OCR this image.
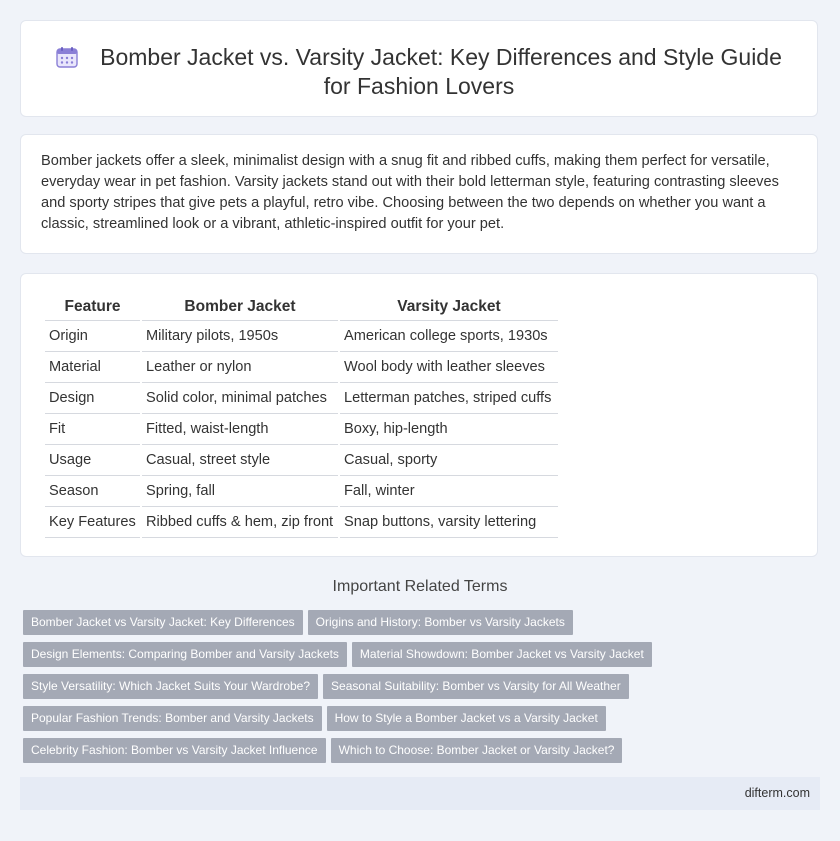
Bomber Jacket vs. Varsity Jacket: Key Differences and Style Guide for Fashion Lovers

Bomber jackets offer a sleek, minimalist design with a snug fit and ribbed cuffs, making them perfect for versatile, everyday wear in pet fashion. Varsity jackets stand out with their bold letterman style, featuring contrasting sleeves and sporty stripes that give pets a playful, retro vibe. Choosing between the two depends on whether you want a classic, streamlined look or a vibrant, athletic-inspired outfit for your pet.

Feature	Bomber Jacket	Varsity Jacket
Origin	Military pilots, 1950s	American college sports, 1930s
Material	Leather or nylon	Wool body with leather sleeves
Design	Solid color, minimal patches	Letterman patches, striped cuffs
Fit	Fitted, waist-length	Boxy, hip-length
Usage	Casual, street style	Casual, sporty
Season	Spring, fall	Fall, winter
Key Features	Ribbed cuffs & hem, zip front	Snap buttons, varsity lettering
Important Related Terms
Bomber Jacket vs Varsity Jacket: Key Differences Origins and History: Bomber vs Varsity Jackets
Design Elements: Comparing Bomber and Varsity Jackets Material Showdown: Bomber Jacket vs Varsity Jacket
Style Versatility: Which Jacket Suits Your Wardrobe? Seasonal Suitability: Bomber vs Varsity for All Weather
Popular Fashion Trends: Bomber and Varsity Jackets How to Style a Bomber Jacket vs a Varsity Jacket
Celebrity Fashion: Bomber vs Varsity Jacket Influence Which to Choose: Bomber Jacket or Varsity Jacket?
difterm.com
